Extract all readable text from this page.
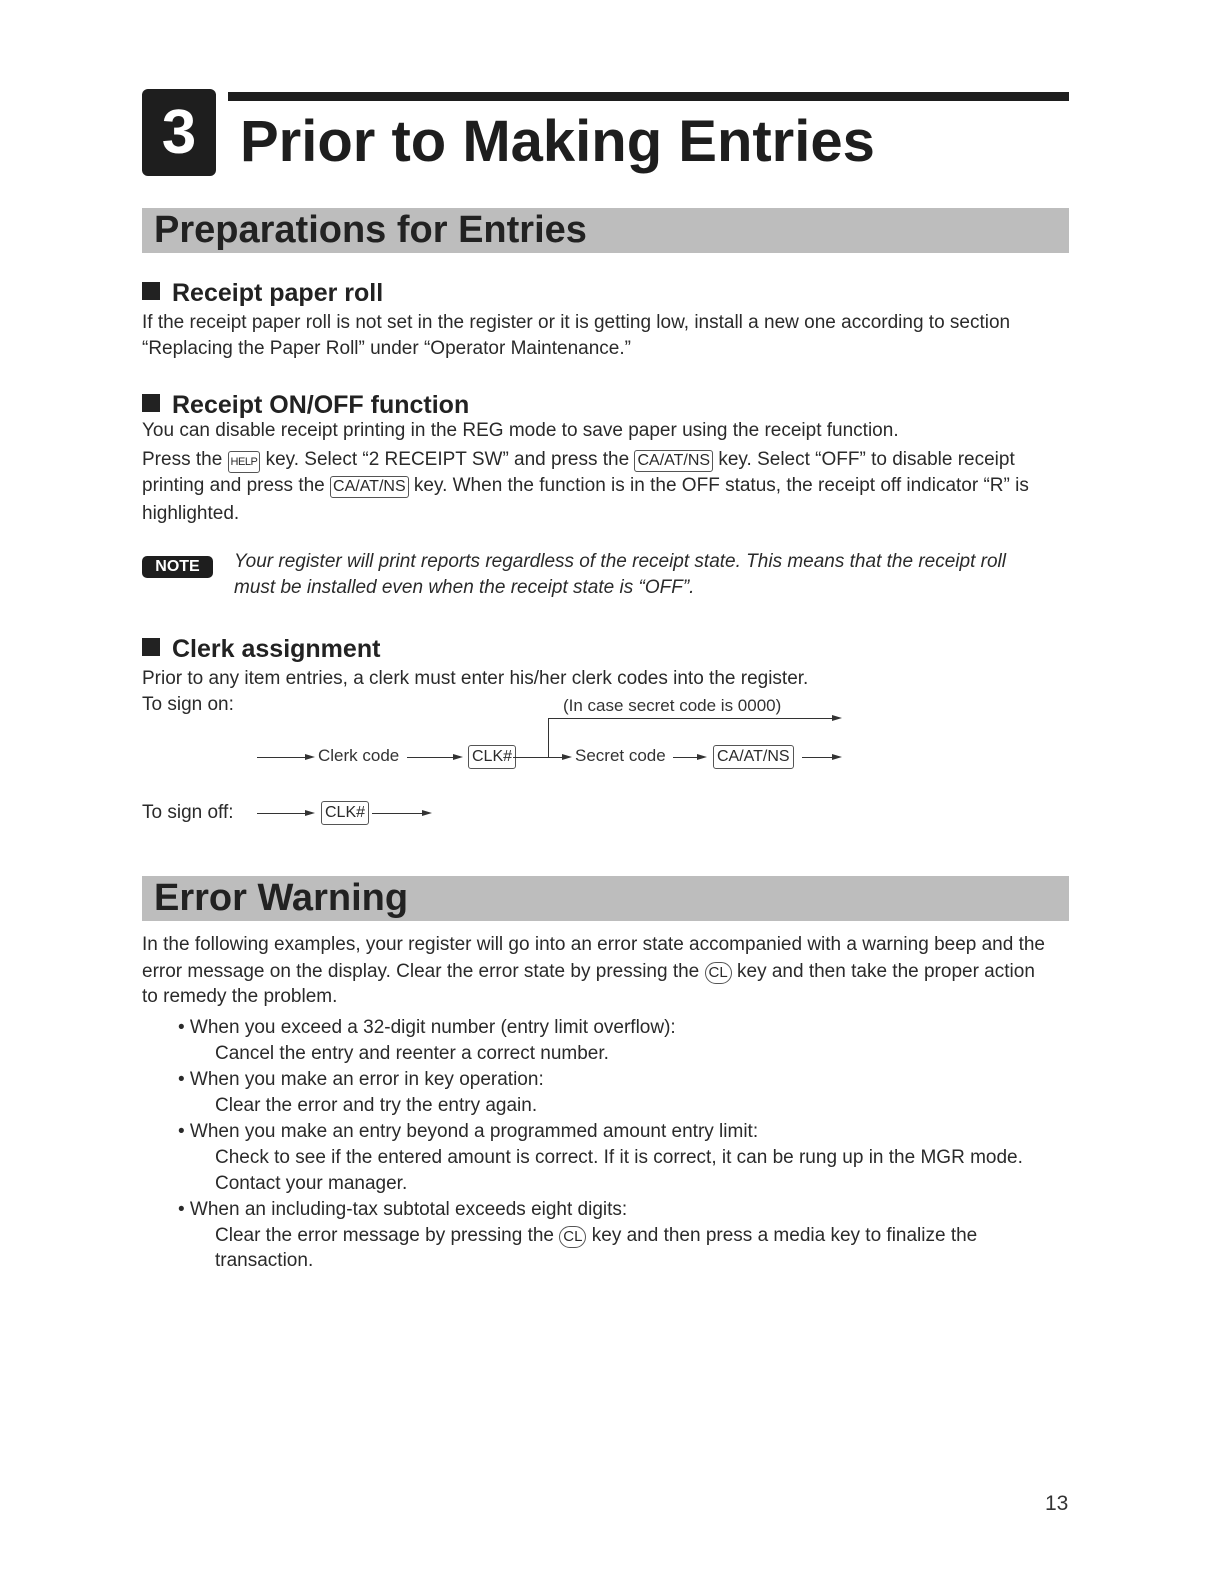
3 Prior to Making Entries
Preparations for Entries
Receipt paper roll
If the receipt paper roll is not set in the register or it is getting low, install a new one according to section
“Replacing the Paper Roll” under “Operator Maintenance.”
Receipt ON/OFF function
You can disable receipt printing in the REG mode to save paper using the receipt function.
Press the HELP key. Select “2 RECEIPT SW” and press the CA/AT/NS key. Select “OFF” to disable receipt
printing and press the CA/AT/NS key. When the function is in the OFF status, the receipt off indicator “R” is
highlighted.
NOTE	Your register will print reports regardless of the receipt state. This means that the receipt roll
must be installed even when the receipt state is “OFF”.
Clerk assignment
Prior to any item entries, a clerk must enter his/her clerk codes into the register.
To sign on:	(In case secret code is 0000)
Clerk code	CLK#	Secret code	CA/AT/NS
To sign off:	CLK#
Error Warning
In the following examples, your register will go into an error state accompanied with a warning beep and the
error message on the display. Clear the error state by pressing the CL key and then take the proper action
to remedy the problem.
• When you exceed a 32-digit number (entry limit overflow):
Cancel the entry and reenter a correct number.
• When you make an error in key operation:
Clear the error and try the entry again.
• When you make an entry beyond a programmed amount entry limit:
Check to see if the entered amount is correct. If it is correct, it can be rung up in the MGR mode.
Contact your manager.
• When an including-tax subtotal exceeds eight digits:
Clear the error message by pressing the CL key and then press a media key to finalize the
transaction.
13
